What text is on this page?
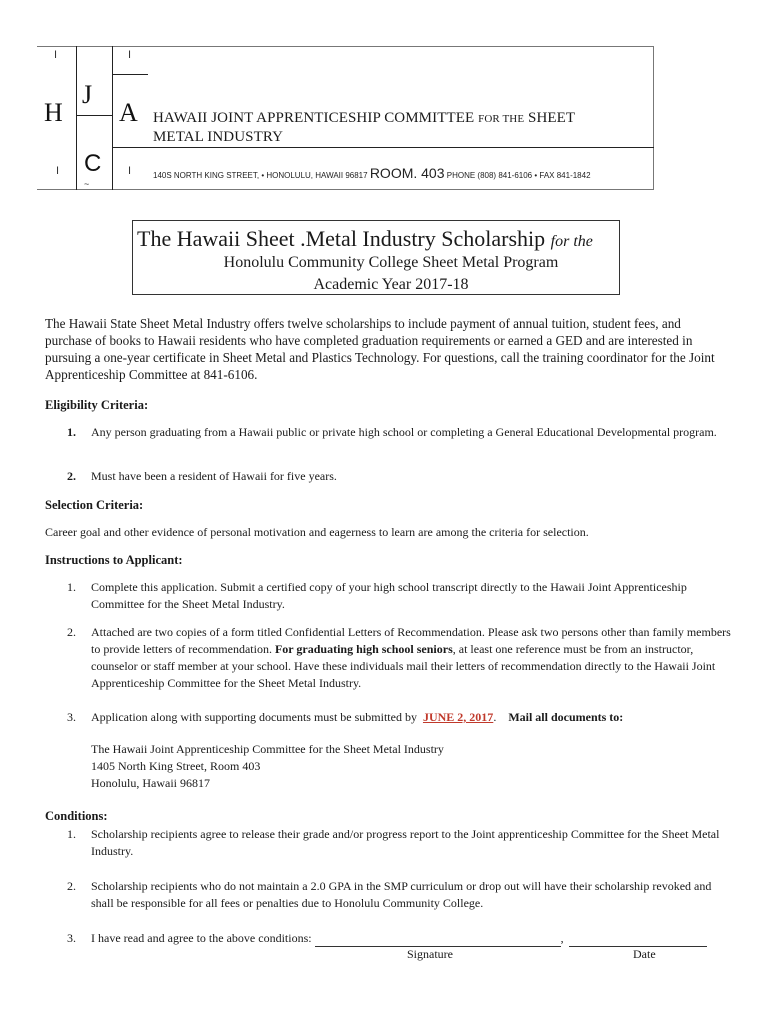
I	I
H
J
A
C
I	I
~
HAWAII JOINT APPRENTICESHIP COMMITTEE FOR THE SHEET
METAL INDUSTRY
140S NORTH KING STREET, • HONOLULU, HAWAII 96817 ROOM. 403 PHONE (808) 841-6106 • FAX 841-1842
The Hawaii Sheet .Metal Industry Scholarship for the
Honolulu Community College Sheet Metal Program
Academic Year 2017-18
The Hawaii State Sheet Metal Industry offers twelve scholarships to include payment of annual tuition, student fees, and purchase of books to Hawaii residents who have completed graduation requirements or earned a GED and are interested in pursuing a one-year certificate in Sheet Metal and Plastics Technology. For questions, call the training coordinator for the Joint Apprenticeship Committee at 841-6106.
Eligibility Criteria:
1. Any person graduating from a Hawaii public or private high school or completing a General Educational Developmental program.
2. Must have been a resident of Hawaii for five years.
Selection Criteria:
Career goal and other evidence of personal motivation and eagerness to learn are among the criteria for selection.
Instructions to Applicant:
1. Complete this application. Submit a certified copy of your high school transcript directly to the Hawaii Joint Apprenticeship Committee for the Sheet Metal Industry.
2. Attached are two copies of a form titled Confidential Letters of Recommendation. Please ask two persons other than family members to provide letters of recommendation. For graduating high school seniors, at least one reference must be from an instructor, counselor or staff member at your school. Have these individuals mail their letters of recommendation directly to the Hawaii Joint Apprenticeship Committee for the Sheet Metal Industry.
3. Application along with supporting documents must be submitted by JUNE 2, 2017. Mail all documents to:
The Hawaii Joint Apprenticeship Committee for the Sheet Metal Industry
1405 North King Street, Room 403
Honolulu, Hawaii 96817
Conditions:
1. Scholarship recipients agree to release their grade and/or progress report to the Joint apprenticeship Committee for the Sheet Metal Industry.
2. Scholarship recipients who do not maintain a 2.0 GPA in the SMP curriculum or drop out will have their scholarship revoked and shall be responsible for all fees or penalties due to Honolulu Community College.
3. I have read and agree to the above conditions:	,
Signature	Date
